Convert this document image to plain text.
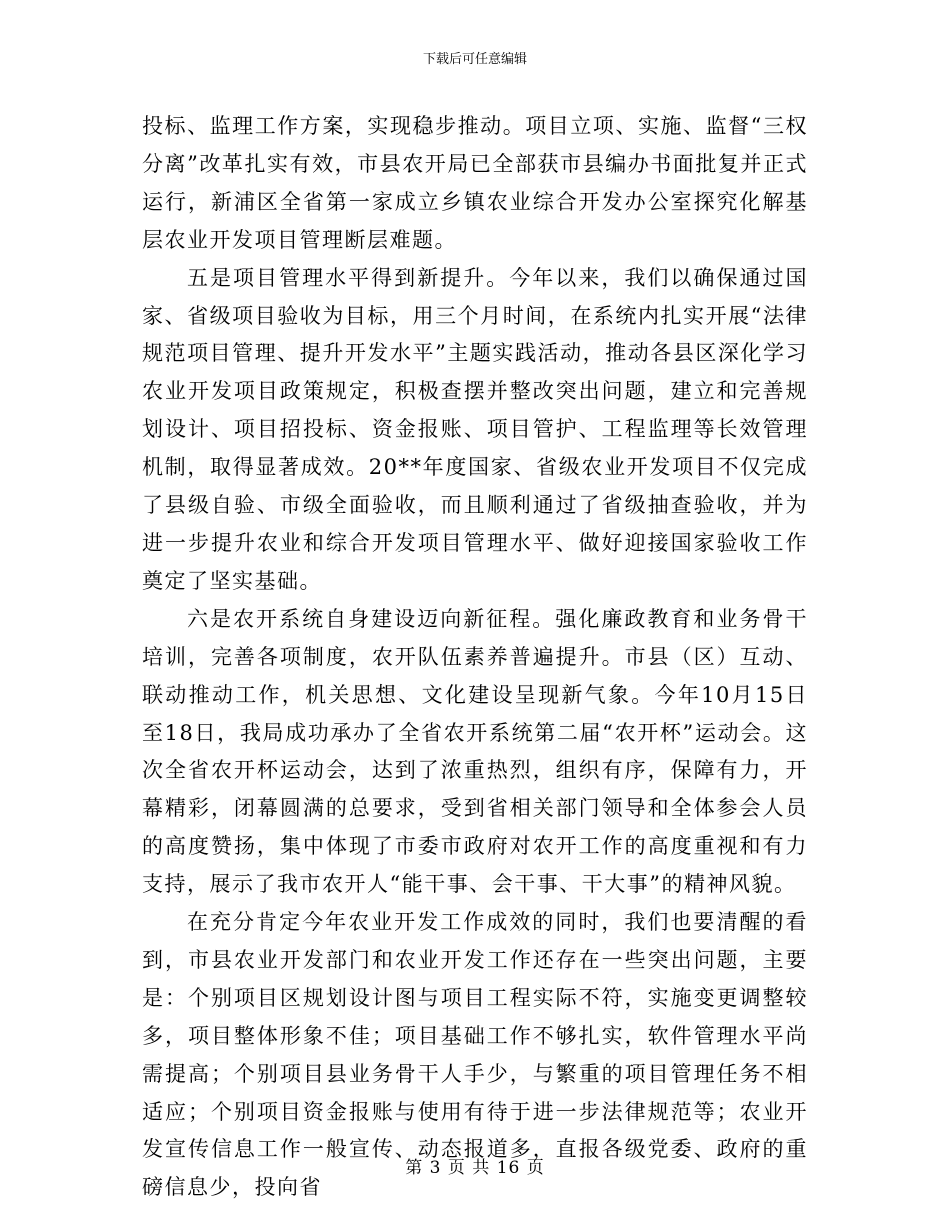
下载后可任意编辑

投标、监理工作方案，实现稳步推动。项目立项、实施、监督“三权分离”改革扎实有效，市县农开局已全部获市县编办书面批复并正式运行，新浦区全省第一家成立乡镇农业综合开发办公室探究化解基层农业开发项目管理断层难题。

五是项目管理水平得到新提升。今年以来，我们以确保通过国家、省级项目验收为目标，用三个月时间，在系统内扎实开展“法律规范项目管理、提升开发水平”主题实践活动，推动各县区深化学习农业开发项目政策规定，积极查摆并整改突出问题，建立和完善规划设计、项目招投标、资金报账、项目管护、工程监理等长效管理机制，取得显著成效。20**年度国家、省级农业开发项目不仅完成了县级自验、市级全面验收，而且顺利通过了省级抽查验收，并为进一步提升农业和综合开发项目管理水平、做好迎接国家验收工作奠定了坚实基础。

六是农开系统自身建设迈向新征程。强化廉政教育和业务骨干培训，完善各项制度，农开队伍素养普遍提升。市县（区）互动、联动推动工作，机关思想、文化建设呈现新气象。今年10月15日至18日，我局成功承办了全省农开系统第二届“农开杯”运动会。这次全省农开杯运动会，达到了浓重热烈，组织有序，保障有力，开幕精彩，闭幕圆满的总要求，受到省相关部门领导和全体参会人员的高度赞扬，集中体现了市委市政府对农开工作的高度重视和有力支持，展示了我市农开人“能干事、会干事、干大事”的精神风貌。

在充分肯定今年农业开发工作成效的同时，我们也要清醒的看到，市县农业开发部门和农业开发工作还存在一些突出问题，主要是：个别项目区规划设计图与项目工程实际不符，实施变更调整较多，项目整体形象不佳；项目基础工作不够扎实，软件管理水平尚需提高；个别项目县业务骨干人手少，与繁重的项目管理任务不相适应；个别项目资金报账与使用有待于进一步法律规范等；农业开发宣传信息工作一般宣传、动态报道多，直报各级党委、政府的重磅信息少，投向省

第 3 页 共 16 页
